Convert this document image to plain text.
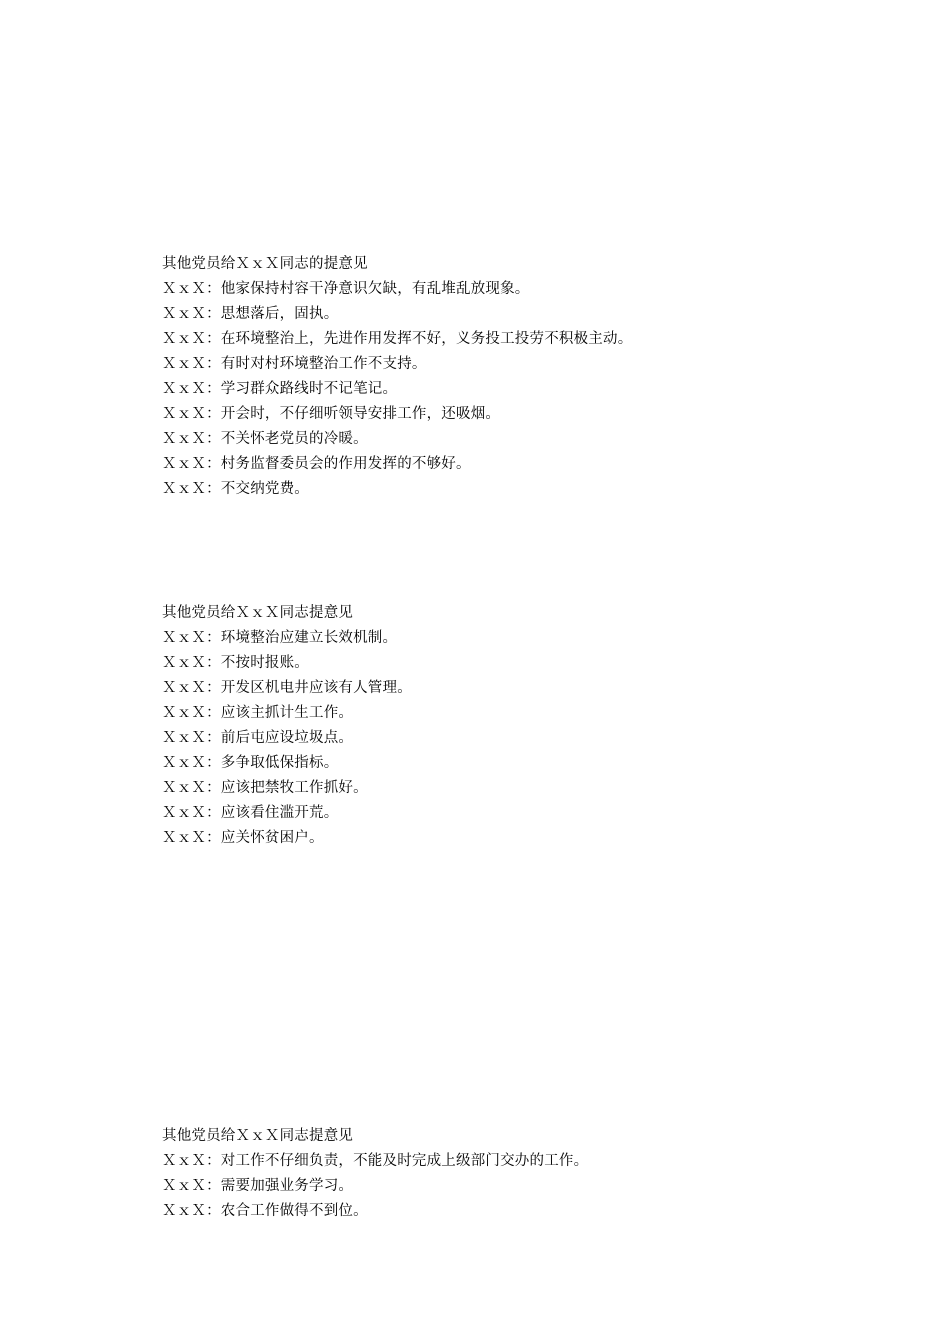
其他党员给ＸｘＸ同志的提意见
ＸｘＸ：他家保持村容干净意识欠缺，有乱堆乱放现象。
ＸｘＸ：思想落后，固执。
ＸｘＸ：在环境整治上，先进作用发挥不好，义务投工投劳不积极主动。
ＸｘＸ：有时对村环境整治工作不支持。
ＸｘＸ：学习群众路线时不记笔记。
ＸｘＸ：开会时，不仔细听领导安排工作，还吸烟。
ＸｘＸ：不关怀老党员的冷暖。
ＸｘＸ：村务监督委员会的作用发挥的不够好。
ＸｘＸ：不交纳党费。
其他党员给ＸｘＸ同志提意见
ＸｘＸ：环境整治应建立长效机制。
ＸｘＸ：不按时报账。
ＸｘＸ：开发区机电井应该有人管理。
ＸｘＸ：应该主抓计生工作。
ＸｘＸ：前后屯应设垃圾点。
ＸｘＸ：多争取低保指标。
ＸｘＸ：应该把禁牧工作抓好。
ＸｘＸ：应该看住滥开荒。
ＸｘＸ：应关怀贫困户。
其他党员给ＸｘＸ同志提意见
ＸｘＸ：对工作不仔细负责，不能及时完成上级部门交办的工作。
ＸｘＸ：需要加强业务学习。
ＸｘＸ：农合工作做得不到位。
